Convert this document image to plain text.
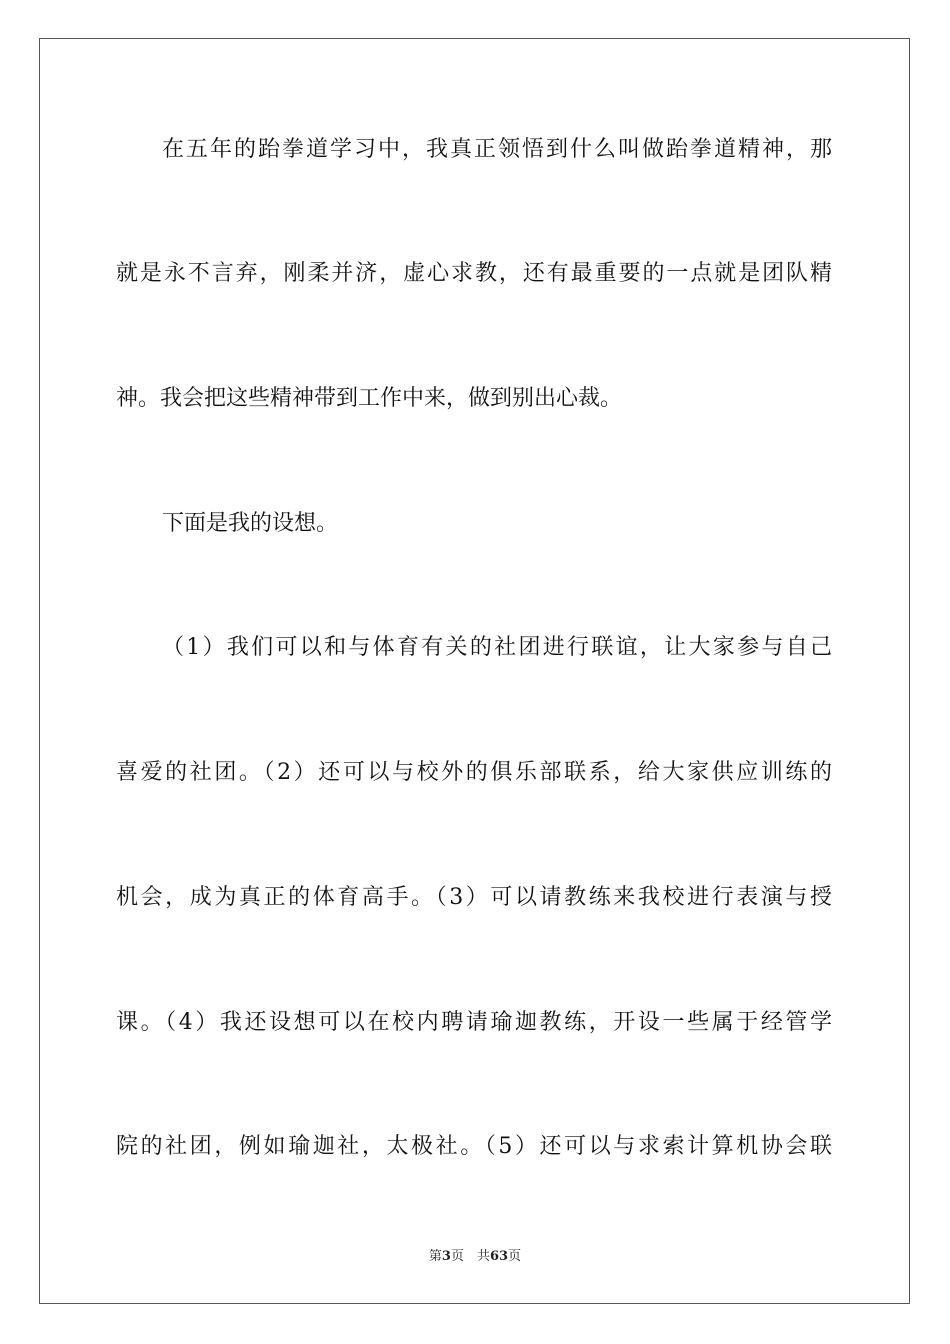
在五年的跆拳道学习中，我真正领悟到什么叫做跆拳道精神，那
就是永不言弃，刚柔并济，虚心求教，还有最重要的一点就是团队精
神。我会把这些精神带到工作中来，做到别出心裁。
下面是我的设想。
（1）我们可以和与体育有关的社团进行联谊，让大家参与自己
喜爱的社团。（2）还可以与校外的俱乐部联系，给大家供应训练的
机会，成为真正的体育高手。（3）可以请教练来我校进行表演与授
课。（4）我还设想可以在校内聘请瑜迦教练，开设一些属于经管学
院的社团，例如瑜迦社，太极社。（5）还可以与求索计算机协会联
第3页　共63页
